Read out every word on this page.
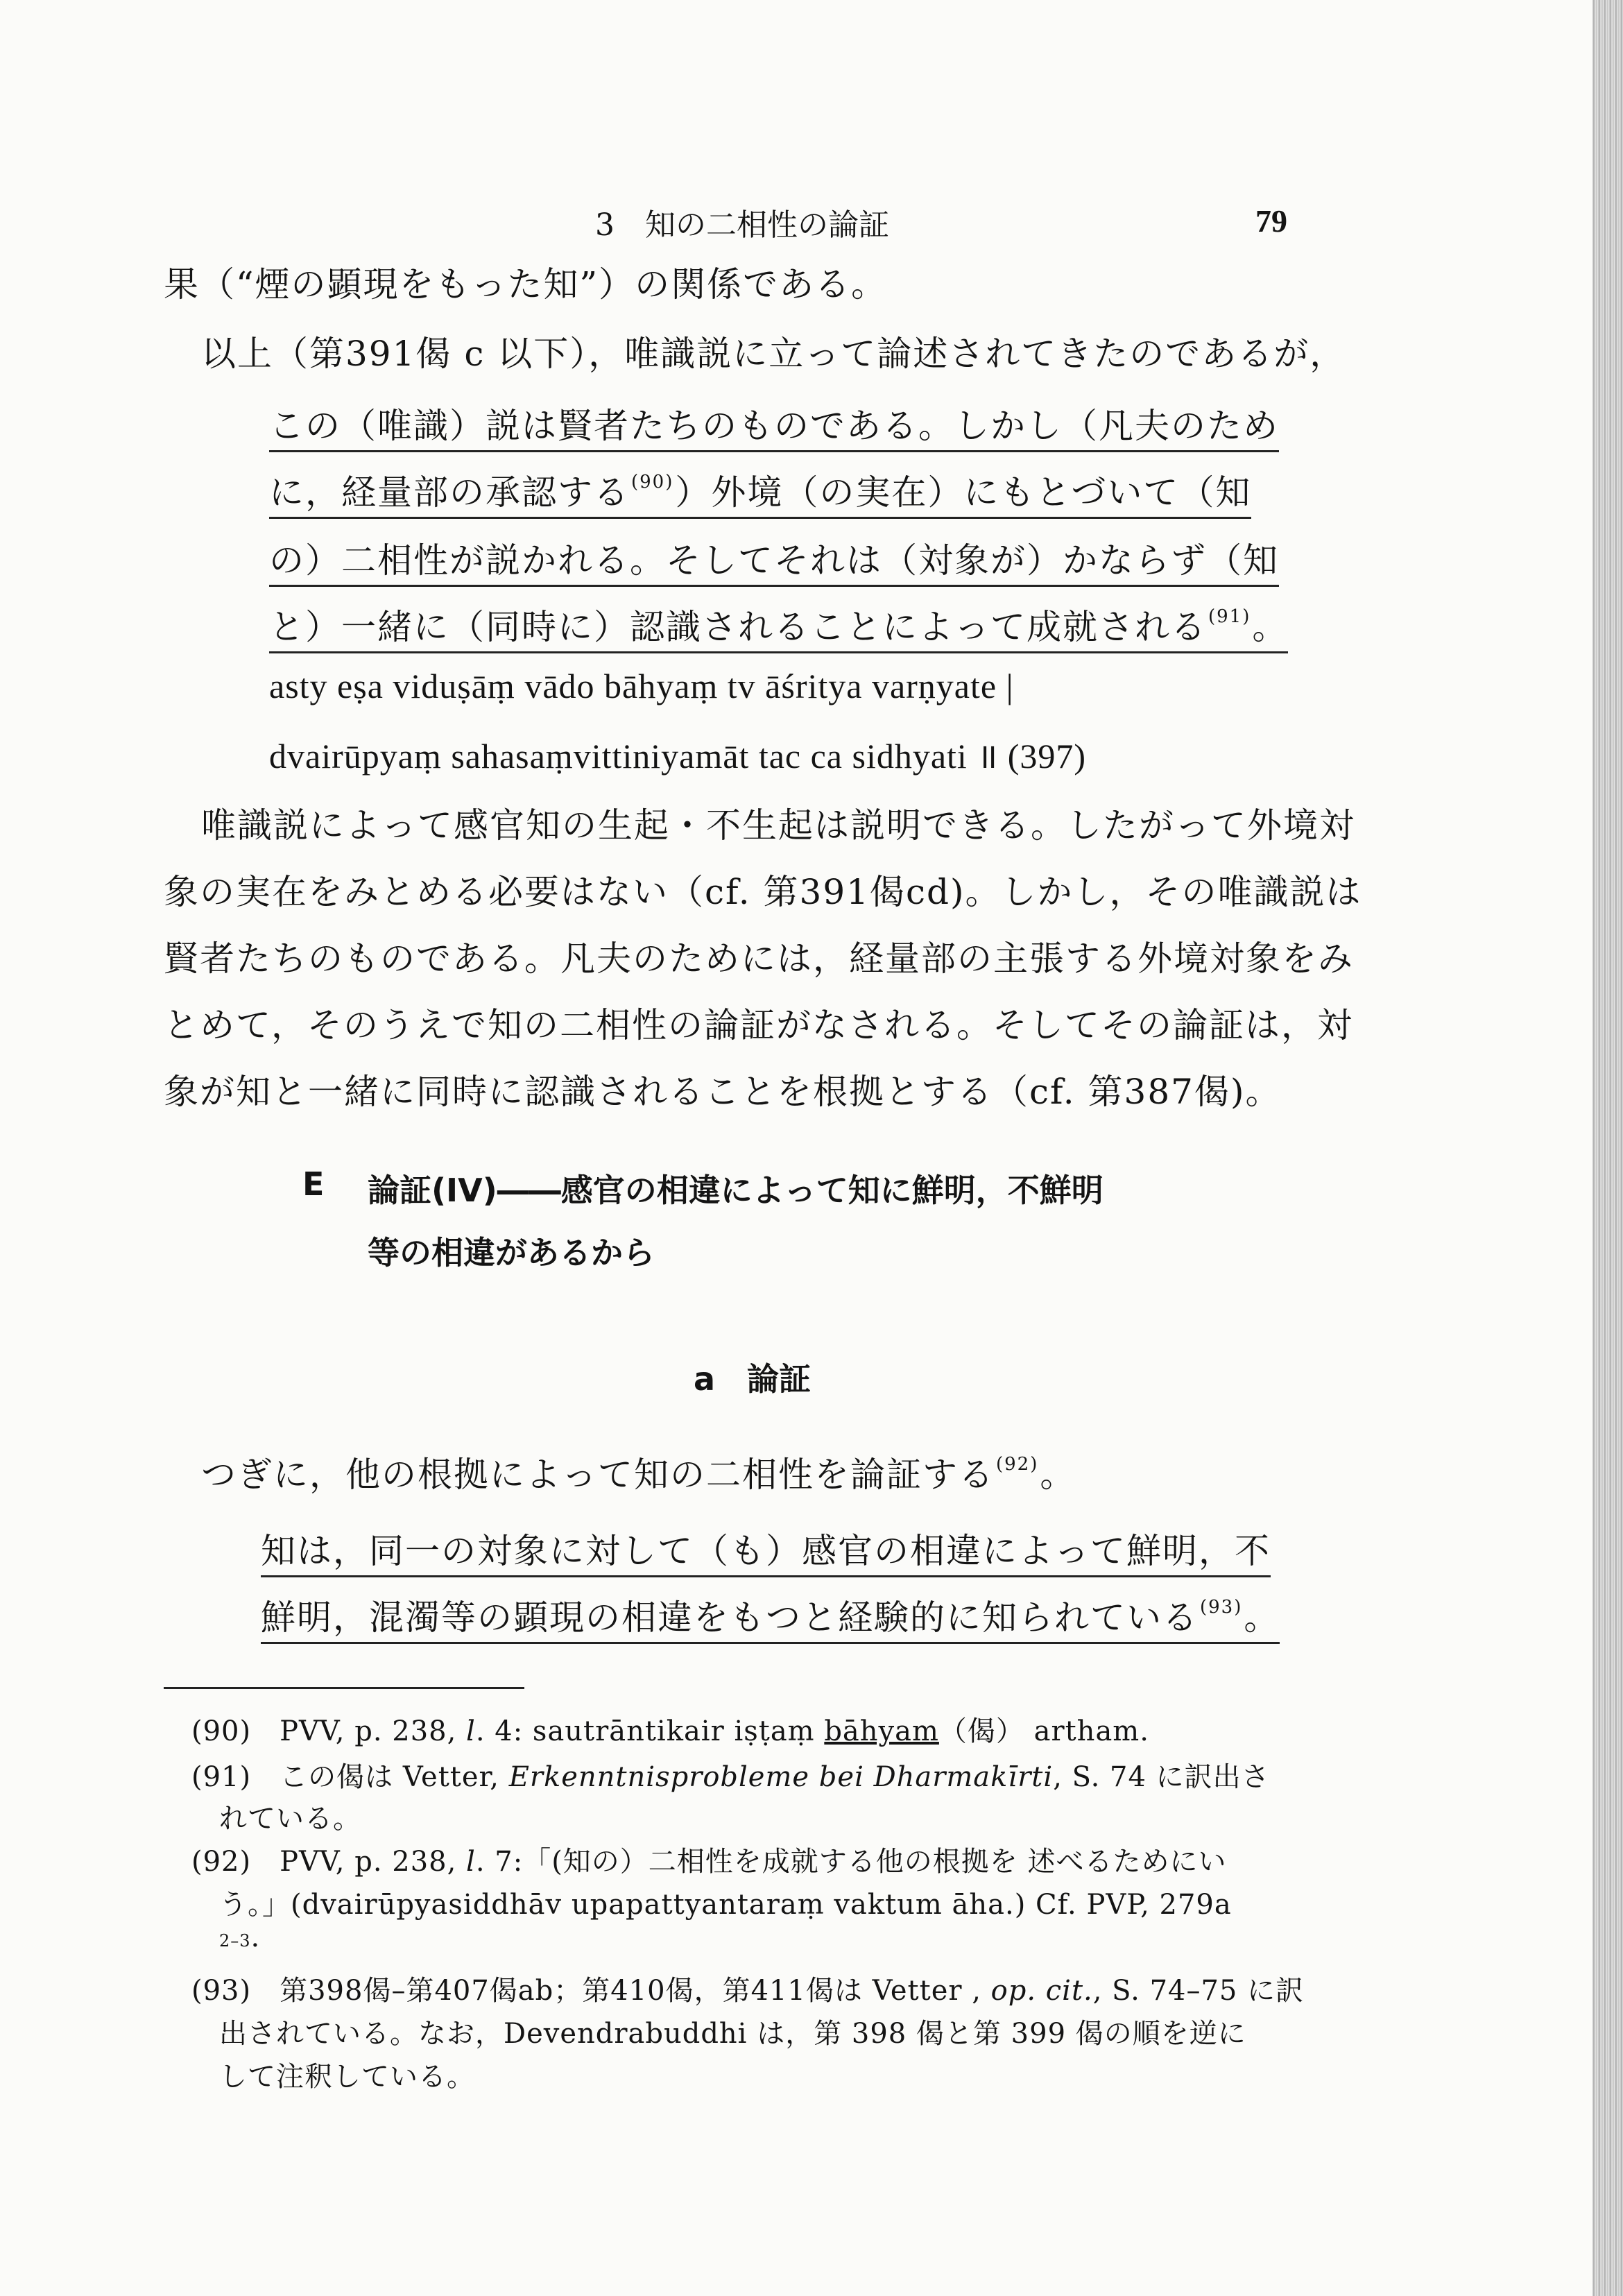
3　知の二相性の論証	79
果（“煙の顕現をもった知”）の関係である。
以上（第391偈 c 以下），唯識説に立って論述されてきたのであるが，
この（唯識）説は賢者たちのものである。しかし（凡夫のため
に，経量部の承認する$^{(90)}$）外境（の実在）にもとづいて（知
の）二相性が説かれる。そしてそれは（対象が）かならず（知
と）一緒に（同時に）認識されることによって成就される$^{(91)}$。
asty eṣa viduṣāṃ vādo bāhyaṃ tv āśritya varṇyate |
dvairūpyaṃ sahasaṃvittiniyamāt tac ca sidhyati ॥ (397)
唯識説によって感官知の生起・不生起は説明できる。したがって外境対
象の実在をみとめる必要はない（cf. 第391偈cd)。しかし，その唯識説は
賢者たちのものである。凡夫のためには，経量部の主張する外境対象をみ
とめて，そのうえで知の二相性の論証がなされる。そしてその論証は，対
象が知と一緒に同時に認識されることを根拠とする（cf. 第387偈)。
E 論証(IV)――感官の相違によって知に鮮明，不鮮明
等の相違があるから
a　論証
つぎに，他の根拠によって知の二相性を論証する$^{(92)}$。
知は，同一の対象に対して（も）感官の相違によって鮮明，不
鮮明，混濁等の顕現の相違をもつと経験的に知られている$^{(93)}$。
(90)　 PVV, p. 238, l. 4: sautrāntikair iṣṭaṃ bāhyam（偈） artham.
(91)　 この偈は Vetter, Erkenntnisprobleme bei Dharmakīrti, S. 74 に訳出さ
れている。
(92)　 PVV, p. 238, l. 7:「(知の）二相性を成就する他の根拠を 述べるためにい
う。」(dvairūpyasiddhāv upapattyantaraṃ vaktum āha.) Cf. PVP, 279a
2–3.
(93)　 第398偈–第407偈ab；第410偈，第411偈は Vetter , op. cit., S. 74–75 に訳
出されている。なお，Devendrabuddhi は，第 398 偈と第 399 偈の順を逆に
して注釈している。
